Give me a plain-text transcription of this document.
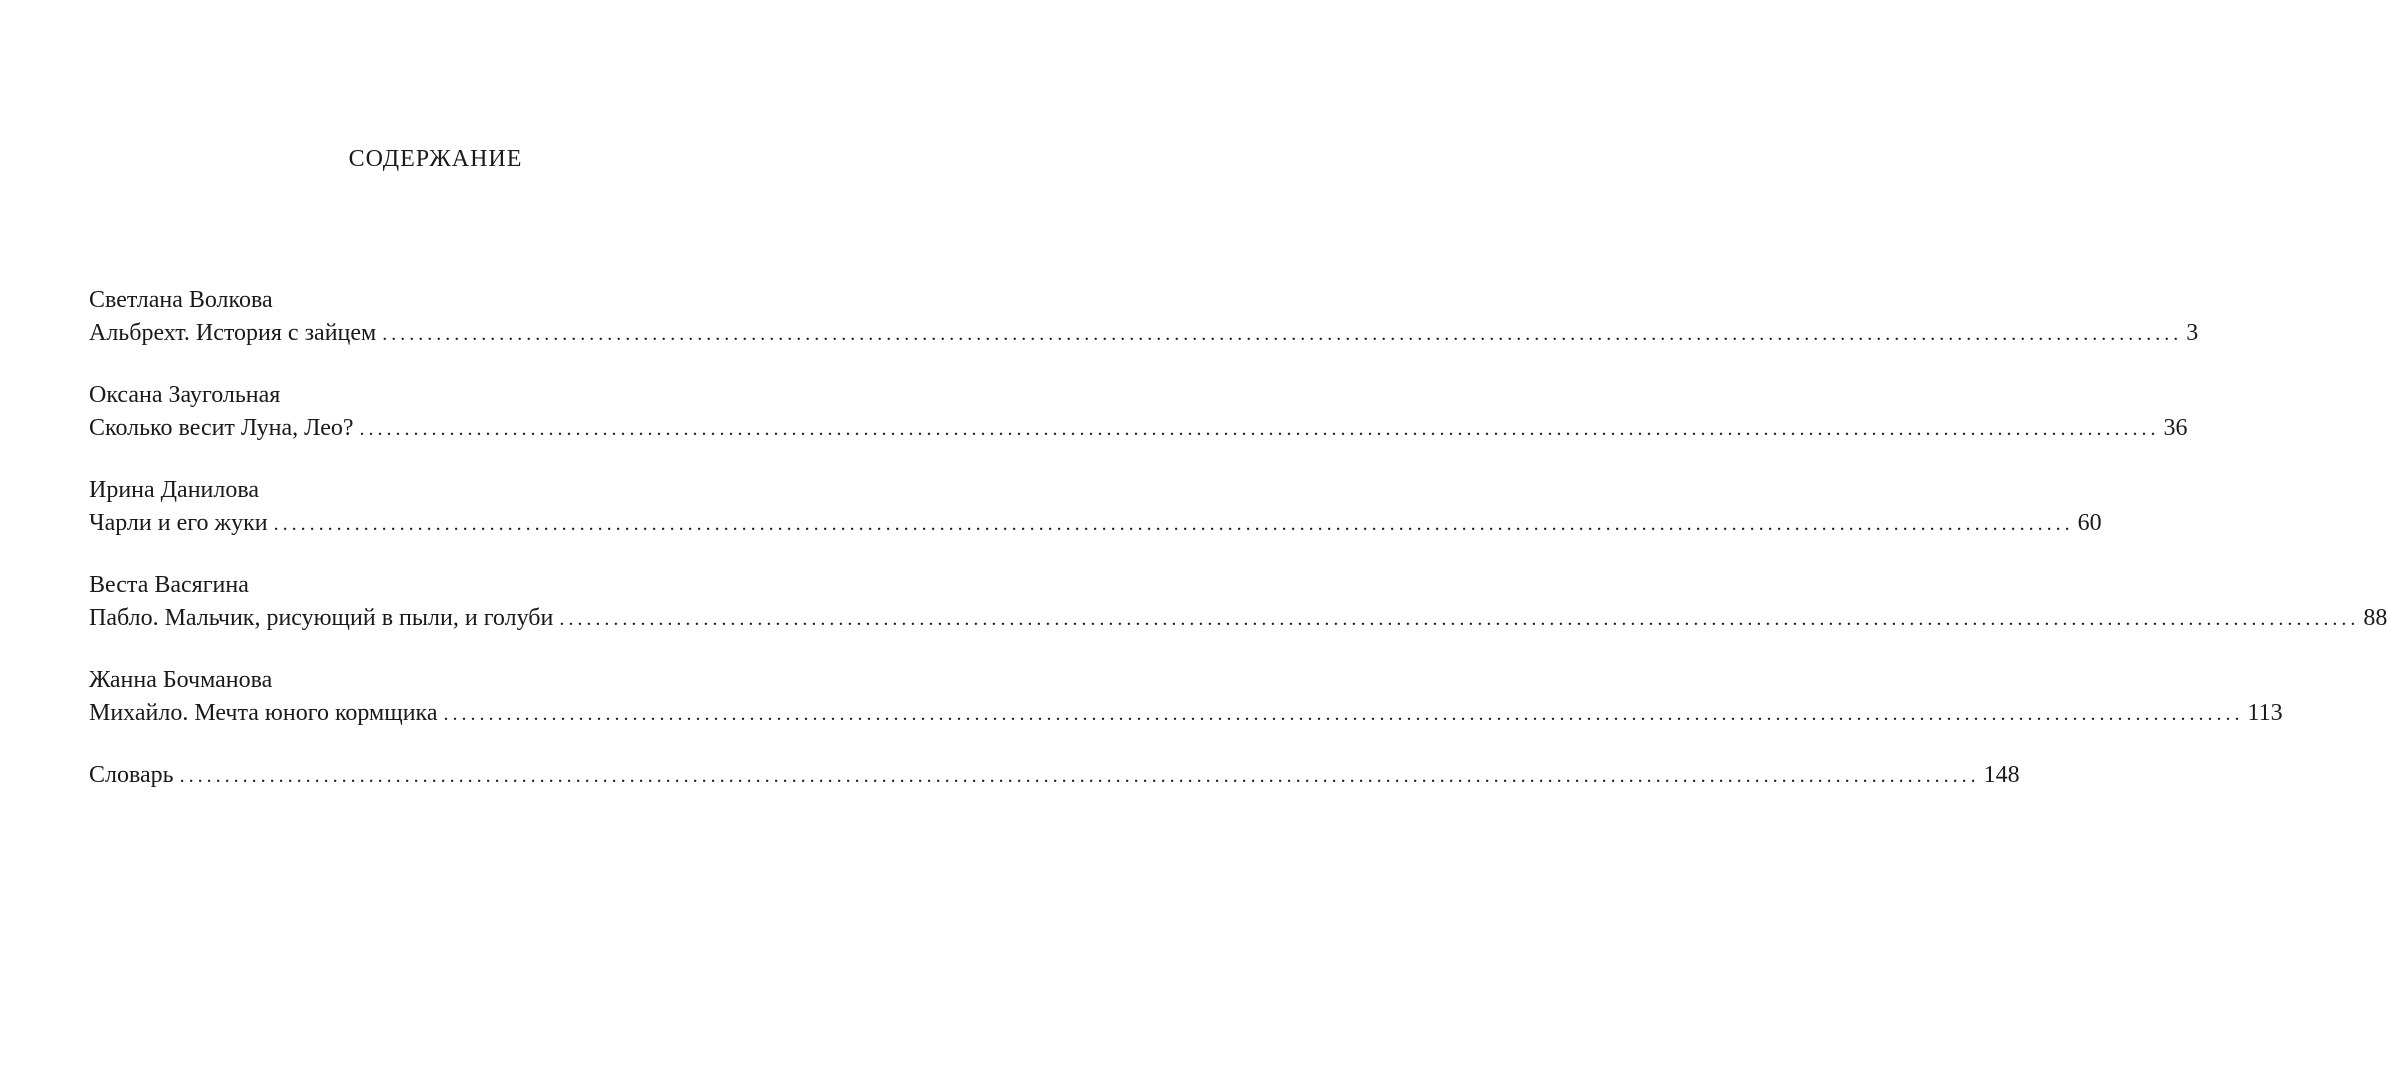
СОДЕРЖАНИЕ
Светлана Волкова
Альбрехт. История с зайцем ........................................................................................................................................................................................................ 3
Оксана Заугольная
Сколько весит Луна, Лео? ........................................................................................................................................................................................................ 36
Ирина Данилова
Чарли и его жуки ........................................................................................................................................................................................................ 60
Веста Васягина
Пабло. Мальчик, рисующий в пыли, и голуби ........................................................................................................................................................................................................ 88
Жанна Бочманова
Михайло. Мечта юного кормщика ........................................................................................................................................................................................................ 113
Словарь ........................................................................................................................................................................................................ 148
